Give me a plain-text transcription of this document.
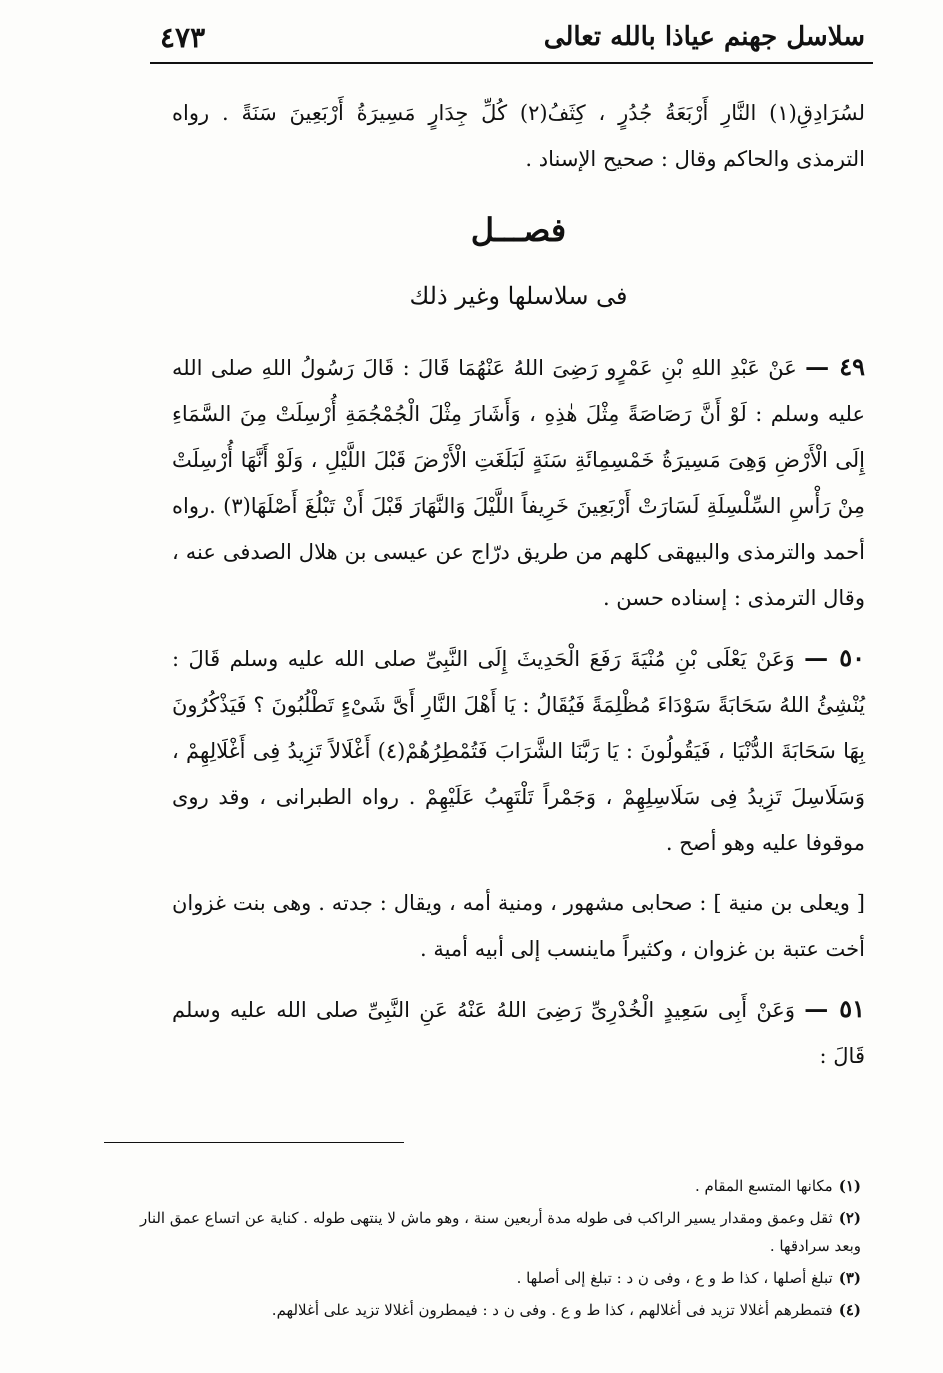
سلاسل جهنم عياذا بالله تعالى
٤٧٣

لسُرَادِقِ(١) النَّارِ أَرْبَعَةُ جُدُرٍ ، كِثَفُ(٢) كُلِّ جِدَارٍ مَسِيرَةُ أَرْبَعِينَ سَنَةً . رواه الترمذى والحاكم وقال : صحيح الإسناد .

فصـــل
فى سلاسلها وغير ذلك

٤٩ — عَنْ عَبْدِ اللهِ بْنِ عَمْرٍو رَضِىَ اللهُ عَنْهُمَا قَالَ : قَالَ رَسُولُ اللهِ صلى الله عليه وسلم : لَوْ أَنَّ رَصَاصَةً مِثْلَ هٰذِهِ ، وَأَشَارَ مِثْلَ الْجُمْجُمَةِ أُرْسِلَتْ مِنَ السَّمَاءِ إِلَى الْأَرْضِ وَهِىَ مَسِيرَةُ خَمْسِمِائَةِ سَنَةٍ لَبَلَغَتِ الْأَرْضَ قَبْلَ اللَّيْلِ ، وَلَوْ أَنَّهَا أُرْسِلَتْ مِنْ رَأْسِ السِّلْسِلَةِ لَسَارَتْ أَرْبَعِينَ خَرِيفاً اللَّيْلَ وَالنَّهَارَ قَبْلَ أَنْ تَبْلُغَ أَصْلَهَا(٣) .رواه أحمد والترمذى والبيهقى كلهم من طريق درّاج عن عيسى بن هلال الصدفى عنه ، وقال الترمذى : إسناده حسن .

٥٠ — وَعَنْ يَعْلَى بْنِ مُنْيَةَ رَفَعَ الْحَدِيثَ إِلَى النَّبِىِّ صلى الله عليه وسلم قَالَ : يُنْشِئُ اللهُ سَحَابَةً سَوْدَاءَ مُظْلِمَةً فَيُقَالُ : يَا أَهْلَ النَّارِ أَىَّ شَىْءٍ تَطْلُبُونَ ؟ فَيَذْكُرُونَ بِهَا سَحَابَةَ الدُّنْيَا ، فَيَقُولُونَ : يَا رَبَّنَا الشَّرَابَ فَتُمْطِرُهُمْ(٤) أَغْلَالاً تَزِيدُ فِى أَغْلَالِهِمْ ، وَسَلَاسِلَ تَزِيدُ فِى سَلَاسِلِهِمْ ، وَجَمْراً تَلْتَهِبُ عَلَيْهِمْ . رواه الطبرانى ، وقد روى موقوفا عليه وهو أصح .

[ ويعلى بن منية ] : صحابى مشهور ، ومنية أمه ، ويقال : جدته . وهى بنت غزوان أخت عتبة بن غزوان ، وكثيراً ماينسب إلى أبيه أمية .

٥١ — وَعَنْ أَبِى سَعِيدٍ الْخُدْرِىِّ رَضِىَ اللهُ عَنْهُ عَنِ النَّبِىِّ صلى الله عليه وسلم قَالَ :

(١)مكانها المتسع المقام .

(٢)ثقل وعمق ومقدار يسير الراكب فى طوله مدة أربعين سنة ، وهو ماش لا ينتهى طوله . كناية عن اتساع عمق النار وبعد سرادقها .

(٣)تبلغ أصلها ، كذا ط و ع ، وفى ن د : تبلغ إلى أصلها .

(٤)فتمطرهم أغلالا تزيد فى أغلالهم ، كذا ط و ع . وفى ن د : فيمطرون أغلالا تزيد على أغلالهم.
